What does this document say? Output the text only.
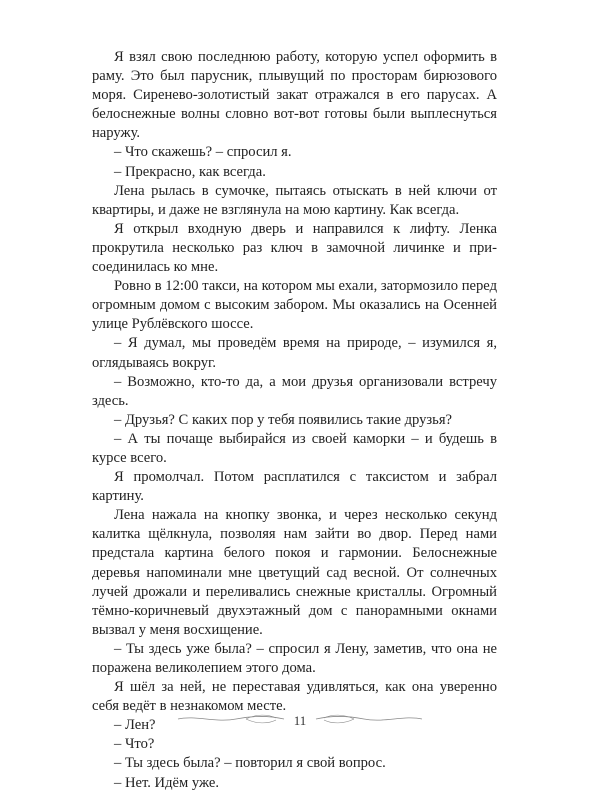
Я взял свою последнюю работу, которую успел оформить в раму. Это был парусник, плывущий по просторам бирюзового моря. Сиренево-золотистый закат отражался в его парусах. А белоснежные волны словно вот-вот готовы были выплеснуться наружу.

– Что скажешь? – спросил я.

– Прекрасно, как всегда.

Лена рылась в сумочке, пытаясь отыскать в ней ключи от квартиры, и даже не взглянула на мою картину. Как всегда.

Я открыл входную дверь и направился к лифту. Ленка прокрутила несколько раз ключ в замочной личинке и присоединилась ко мне.

Ровно в 12:00 такси, на котором мы ехали, затормозило перед огромным домом с высоким забором. Мы оказались на Осенней улице Рублёвского шоссе.

– Я думал, мы проведём время на природе, – изумился я, оглядываясь вокруг.

– Возможно, кто-то да, а мои друзья организовали встречу здесь.

– Друзья? С каких пор у тебя появились такие друзья?

– А ты почаще выбирайся из своей каморки – и будешь в курсе всего.

Я промолчал. Потом расплатился с таксистом и забрал картину.

Лена нажала на кнопку звонка, и через несколько секунд калитка щёлкнула, позволяя нам зайти во двор. Перед нами предстала картина белого покоя и гармонии. Белоснежные деревья напоминали мне цветущий сад весной. От солнечных лучей дрожали и переливались снежные кристаллы. Огромный тёмно-коричневый двухэтажный дом с панорамными окнами вызвал у меня восхищение.

– Ты здесь уже была? – спросил я Лену, заметив, что она не поражена великолепием этого дома.

Я шёл за ней, не переставая удивляться, как она уверенно себя ведёт в незнакомом месте.

– Лен?

– Что?

– Ты здесь была? – повторил я свой вопрос.

– Нет. Идём уже.

11
